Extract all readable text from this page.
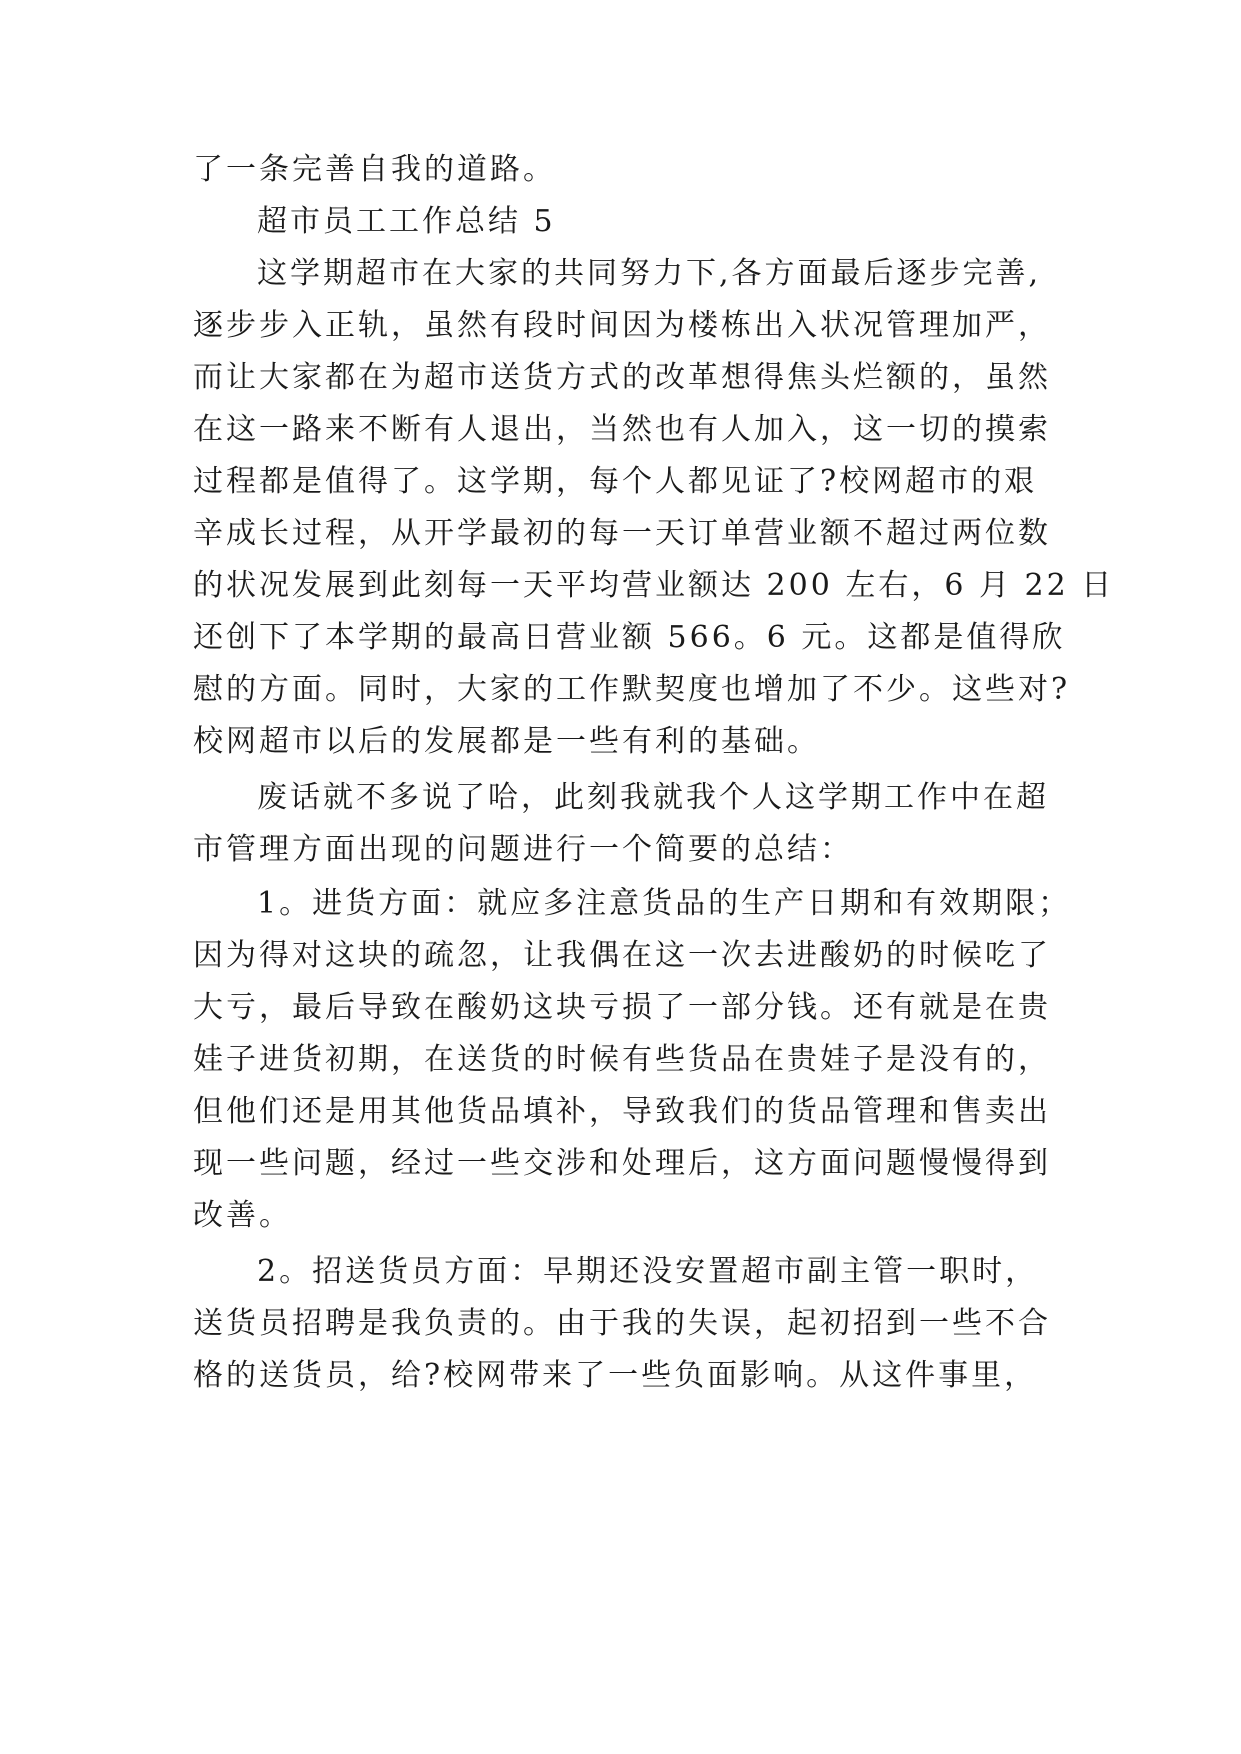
了一条完善自我的道路。
超市员工工作总结 5
这学期超市在大家的共同努力下,各方面最后逐步完善,
逐步步入正轨，虽然有段时间因为楼栋出入状况管理加严，
而让大家都在为超市送货方式的改革想得焦头烂额的，虽然
在这一路来不断有人退出，当然也有人加入，这一切的摸索
过程都是值得了。这学期，每个人都见证了?校网超市的艰
辛成长过程，从开学最初的每一天订单营业额不超过两位数
的状况发展到此刻每一天平均营业额达 200 左右，6 月 22 日
还创下了本学期的最高日营业额 566。6 元。这都是值得欣
慰的方面。同时，大家的工作默契度也增加了不少。这些对?
校网超市以后的发展都是一些有利的基础。
废话就不多说了哈，此刻我就我个人这学期工作中在超
市管理方面出现的问题进行一个简要的总结：
1。进货方面：就应多注意货品的生产日期和有效期限；
因为得对这块的疏忽，让我偶在这一次去进酸奶的时候吃了
大亏，最后导致在酸奶这块亏损了一部分钱。还有就是在贵
娃子进货初期，在送货的时候有些货品在贵娃子是没有的，
但他们还是用其他货品填补，导致我们的货品管理和售卖出
现一些问题，经过一些交涉和处理后，这方面问题慢慢得到
改善。
2。招送货员方面：早期还没安置超市副主管一职时，
送货员招聘是我负责的。由于我的失误，起初招到一些不合
格的送货员，给?校网带来了一些负面影响。从这件事里，
